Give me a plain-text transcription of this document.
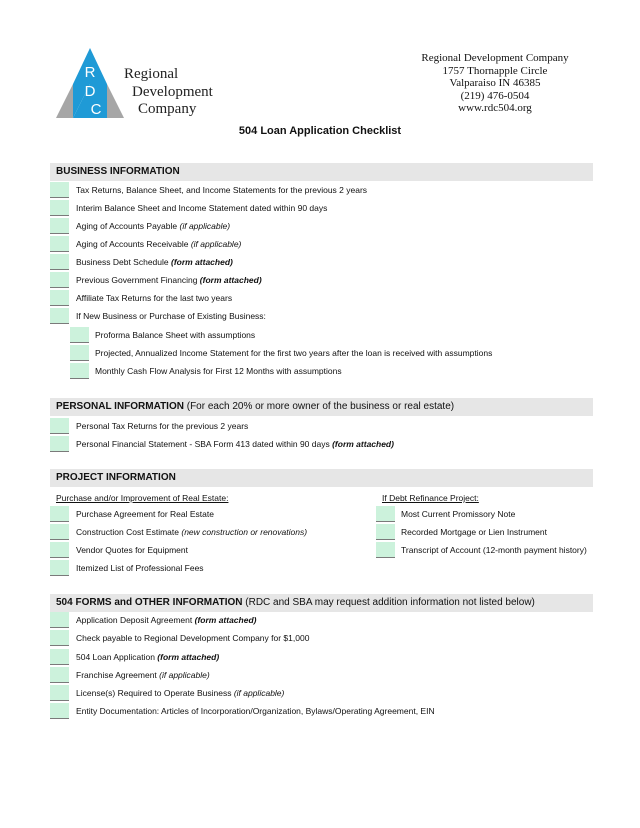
R
D
C
Regional
Development
Company
Regional Development Company
1757 Thornapple Circle
Valparaiso IN 46385
(219) 476-0504
www.rdc504.org
504 Loan Application Checklist
BUSINESS INFORMATION
Tax Returns, Balance Sheet, and Income Statements for the previous 2 years
Interim Balance Sheet and Income Statement dated within 90 days
Aging of Accounts Payable (if applicable)
Aging of Accounts Receivable (if applicable)
Business Debt Schedule (form attached)
Previous Government Financing (form attached)
Affiliate Tax Returns for the last two years
If New Business or Purchase of Existing Business:
Proforma Balance Sheet with assumptions
Projected, Annualized Income Statement for the first two years after the loan is received with assumptions
Monthly Cash Flow Analysis for First 12 Months with assumptions
PERSONAL INFORMATION (For each 20% or more owner of the business or real estate)
Personal Tax Returns for the previous 2 years
Personal Financial Statement - SBA Form 413 dated within 90 days (form attached)
PROJECT INFORMATION
Purchase and/or Improvement of Real Estate:	If Debt Refinance Project:
Purchase Agreement for Real Estate
Construction Cost Estimate (new construction or renovations)
Vendor Quotes for Equipment
Itemized List of Professional Fees
Most Current Promissory Note
Recorded Mortgage or Lien Instrument
Transcript of Account (12-month payment history)
504 FORMS and OTHER INFORMATION (RDC and SBA may request addition information not listed below)
Application Deposit Agreement (form attached)
Check payable to Regional Development Company for $1,000
504 Loan Application (form attached)
Franchise Agreement (if applicable)
License(s) Required to Operate Business (if applicable)
Entity Documentation: Articles of Incorporation/Organization, Bylaws/Operating Agreement, EIN
